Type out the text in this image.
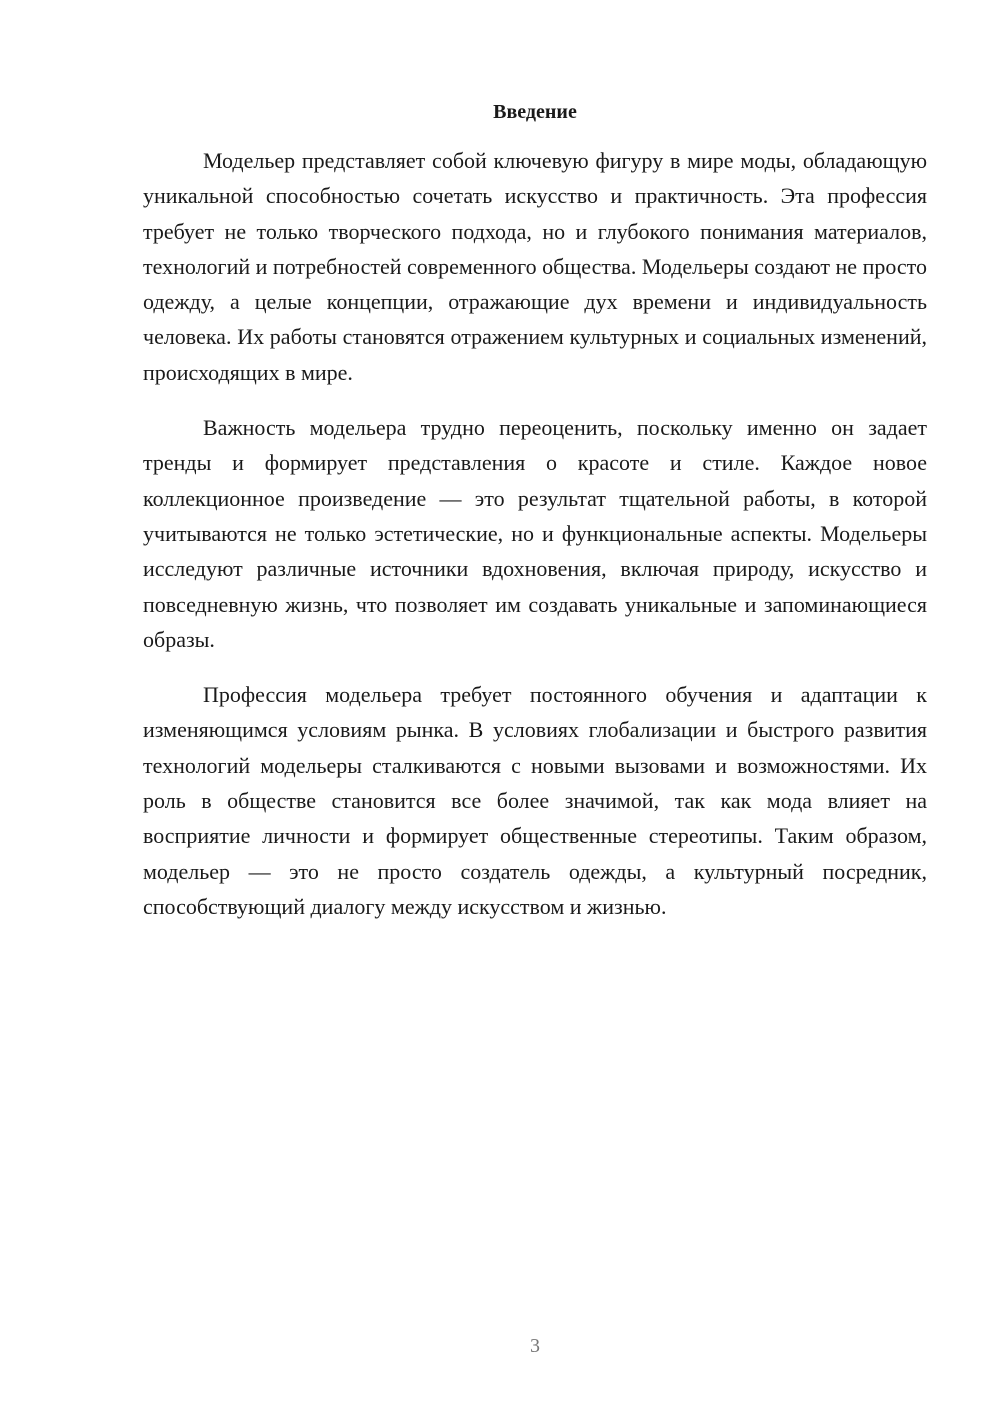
Введение

Модельер представляет собой ключевую фигуру в мире моды, обладающую уникальной способностью сочетать искусство и практичность. Эта профессия требует не только творческого подхода, но и глубокого понимания материалов, технологий и потребностей современного общества. Модельеры создают не просто одежду, а целые концепции, отражающие дух времени и индивидуальность человека. Их работы становятся отражением культурных и социальных изменений, происходящих в мире.

Важность модельера трудно переоценить, поскольку именно он задает тренды и формирует представления о красоте и стиле. Каждое новое коллекционное произведение — это результат тщательной работы, в которой учитываются не только эстетические, но и функциональные аспекты. Модельеры исследуют различные источники вдохновения, включая природу, искусство и повседневную жизнь, что позволяет им создавать уникальные и запоминающиеся образы.

Профессия модельера требует постоянного обучения и адаптации к изменяющимся условиям рынка. В условиях глобализации и быстрого развития технологий модельеры сталкиваются с новыми вызовами и возможностями. Их роль в обществе становится все более значимой, так как мода влияет на восприятие личности и формирует общественные стереотипы. Таким образом, модельер — это не просто создатель одежды, а культурный посредник, способствующий диалогу между искусством и жизнью.

3
